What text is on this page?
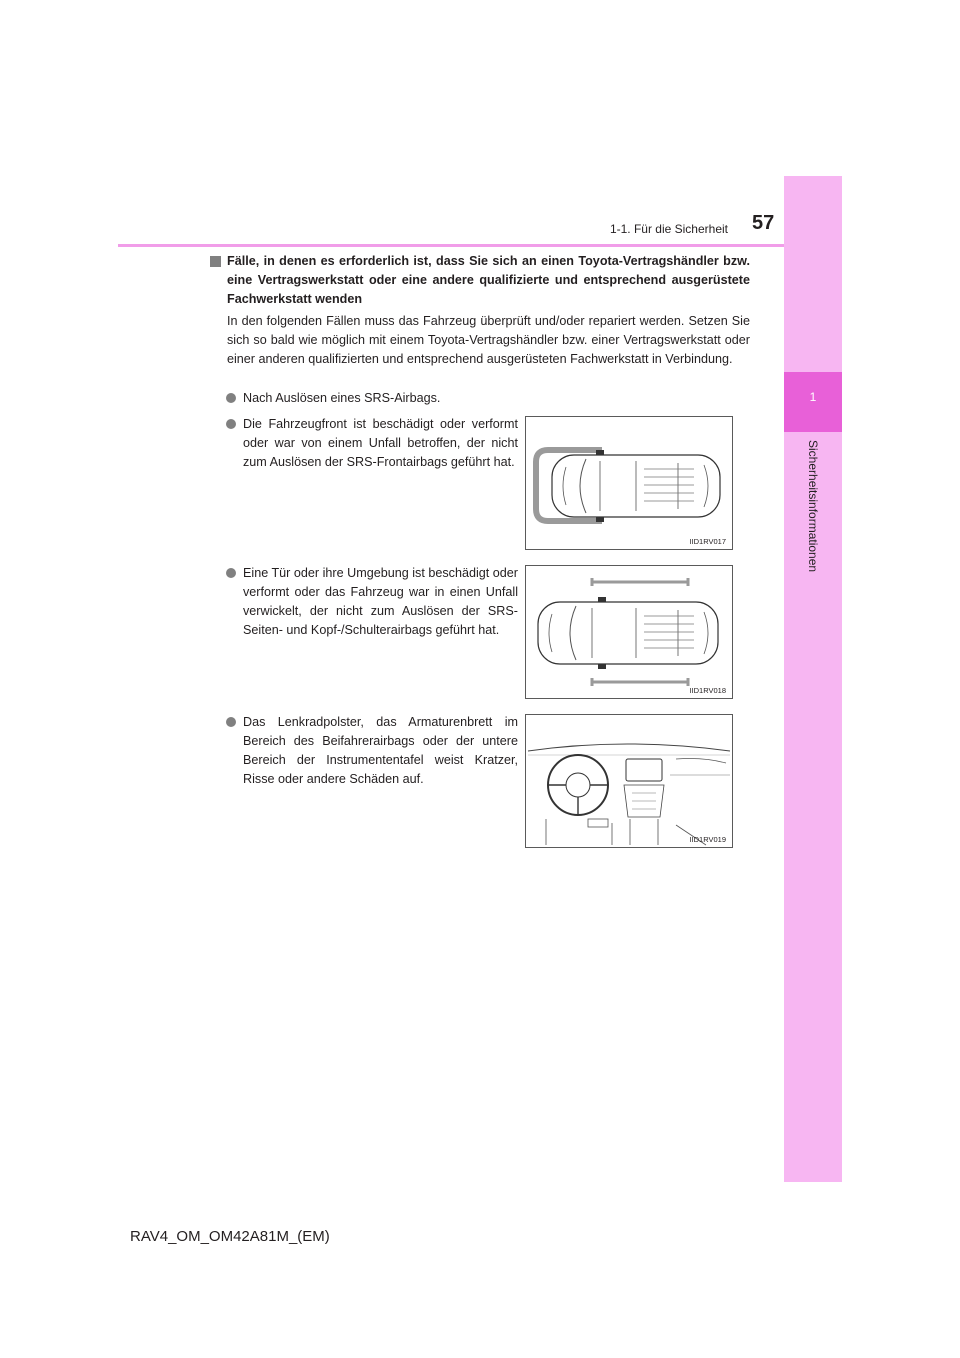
1
Sicherheitsinformationen
1-1. Für die Sicherheit 57
Fälle, in denen es erforderlich ist, dass Sie sich an einen Toyota-Vertragshändler bzw. eine Vertragswerkstatt oder eine andere qualifizierte und entsprechend ausgerüstete Fachwerkstatt wenden

In den folgenden Fällen muss das Fahrzeug überprüft und/oder repariert werden. Setzen Sie sich so bald wie möglich mit einem Toyota-Vertragshändler bzw. einer Vertragswerkstatt oder einer anderen qualifizierten und entsprechend ausgerüsteten Fachwerkstatt in Verbindung.

Nach Auslösen eines SRS-Airbags.
Die Fahrzeugfront ist beschädigt oder verformt oder war von einem Unfall betroffen, der nicht zum Auslösen der SRS-Frontairbags geführt hat.
IID1RV017
Eine Tür oder ihre Umgebung ist beschädigt oder verformt oder das Fahrzeug war in einen Unfall verwickelt, der nicht zum Auslösen der SRS-Seiten- und Kopf-/Schulterairbags geführt hat.
IID1RV018
Das Lenkradpolster, das Armaturenbrett im Bereich des Beifahrerairbags oder der untere Bereich der Instrumententafel weist Kratzer, Risse oder andere Schäden auf.
IID1RV019
RAV4_OM_OM42A81M_(EM)
